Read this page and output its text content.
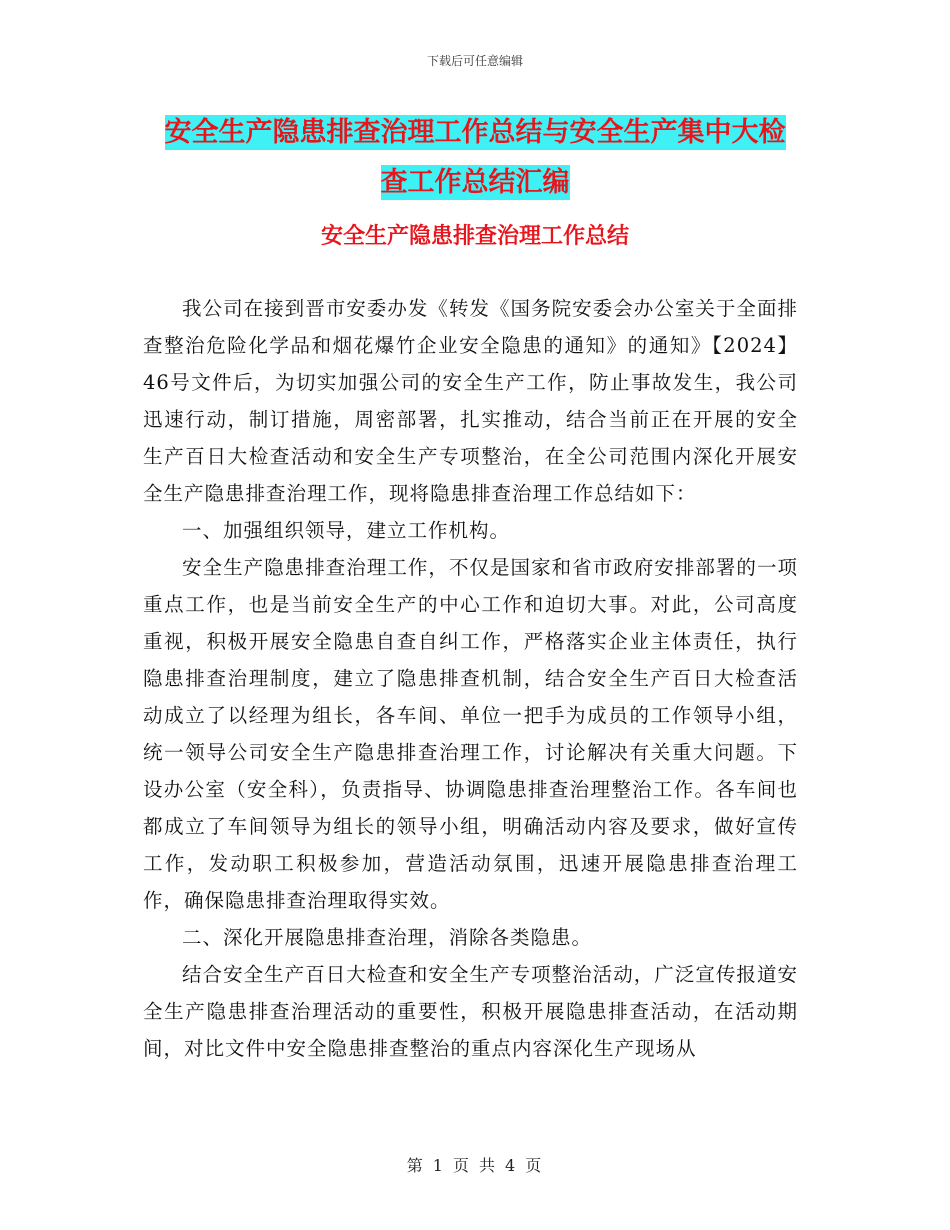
下载后可任意编辑
安全生产隐患排查治理工作总结与安全生产集中大检
查工作总结汇编
安全生产隐患排查治理工作总结

我公司在接到晋市安委办发《转发《国务院安委会办公室关于全面排查整治危险化学品和烟花爆竹企业安全隐患的通知》的通知》【2024】46号文件后，为切实加强公司的安全生产工作，防止事故发生，我公司迅速行动，制订措施，周密部署，扎实推动，结合当前正在开展的安全生产百日大检查活动和安全生产专项整治，在全公司范围内深化开展安全生产隐患排查治理工作，现将隐患排查治理工作总结如下：

一、加强组织领导，建立工作机构。

安全生产隐患排查治理工作，不仅是国家和省市政府安排部署的一项重点工作，也是当前安全生产的中心工作和迫切大事。对此，公司高度重视，积极开展安全隐患自查自纠工作，严格落实企业主体责任，执行隐患排查治理制度，建立了隐患排查机制，结合安全生产百日大检查活动成立了以经理为组长，各车间、单位一把手为成员的工作领导小组，统一领导公司安全生产隐患排查治理工作，讨论解决有关重大问题。下设办公室（安全科），负责指导、协调隐患排查治理整治工作。各车间也都成立了车间领导为组长的领导小组，明确活动内容及要求，做好宣传工作，发动职工积极参加，营造活动氛围，迅速开展隐患排查治理工作，确保隐患排查治理取得实效。

二、深化开展隐患排查治理，消除各类隐患。

结合安全生产百日大检查和安全生产专项整治活动，广泛宣传报道安全生产隐患排查治理活动的重要性，积极开展隐患排查活动，在活动期间，对比文件中安全隐患排查整治的重点内容深化生产现场从

第 1 页 共 4 页
